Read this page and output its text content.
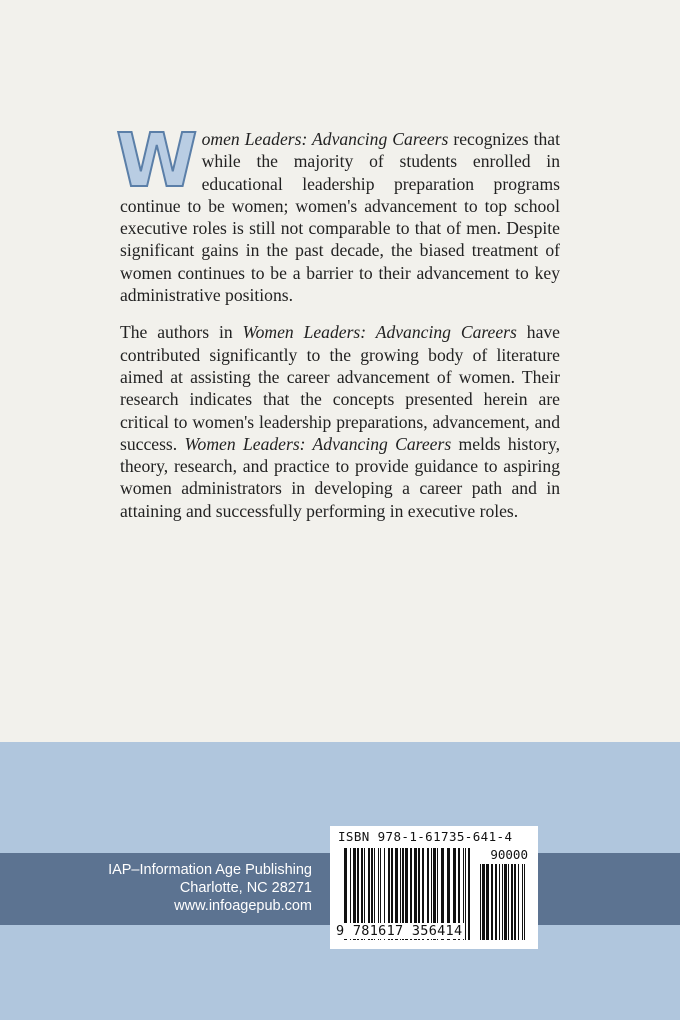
Women Leaders: Advancing Careers recognizes that while the majority of students enrolled in educational leadership preparation programs continue to be women; women's advancement to top school executive roles is still not comparable to that of men. Despite significant gains in the past decade, the biased treatment of women continues to be a barrier to their advancement to key administrative positions.

The authors in Women Leaders: Advancing Careers have contributed significantly to the growing body of literature aimed at assisting the career advancement of women. Their research indicates that the concepts presented herein are critical to women's leadership preparations, advancement, and success. Women Leaders: Advancing Careers melds history, theory, research, and practice to provide guidance to aspiring women administrators in developing a career path and in attaining and successfully performing in executive roles.

IAP–Information Age Publishing
Charlotte, NC 28271
www.infoagepub.com
ISBN 978-1-61735-641-4
90000
9 781617 356414
